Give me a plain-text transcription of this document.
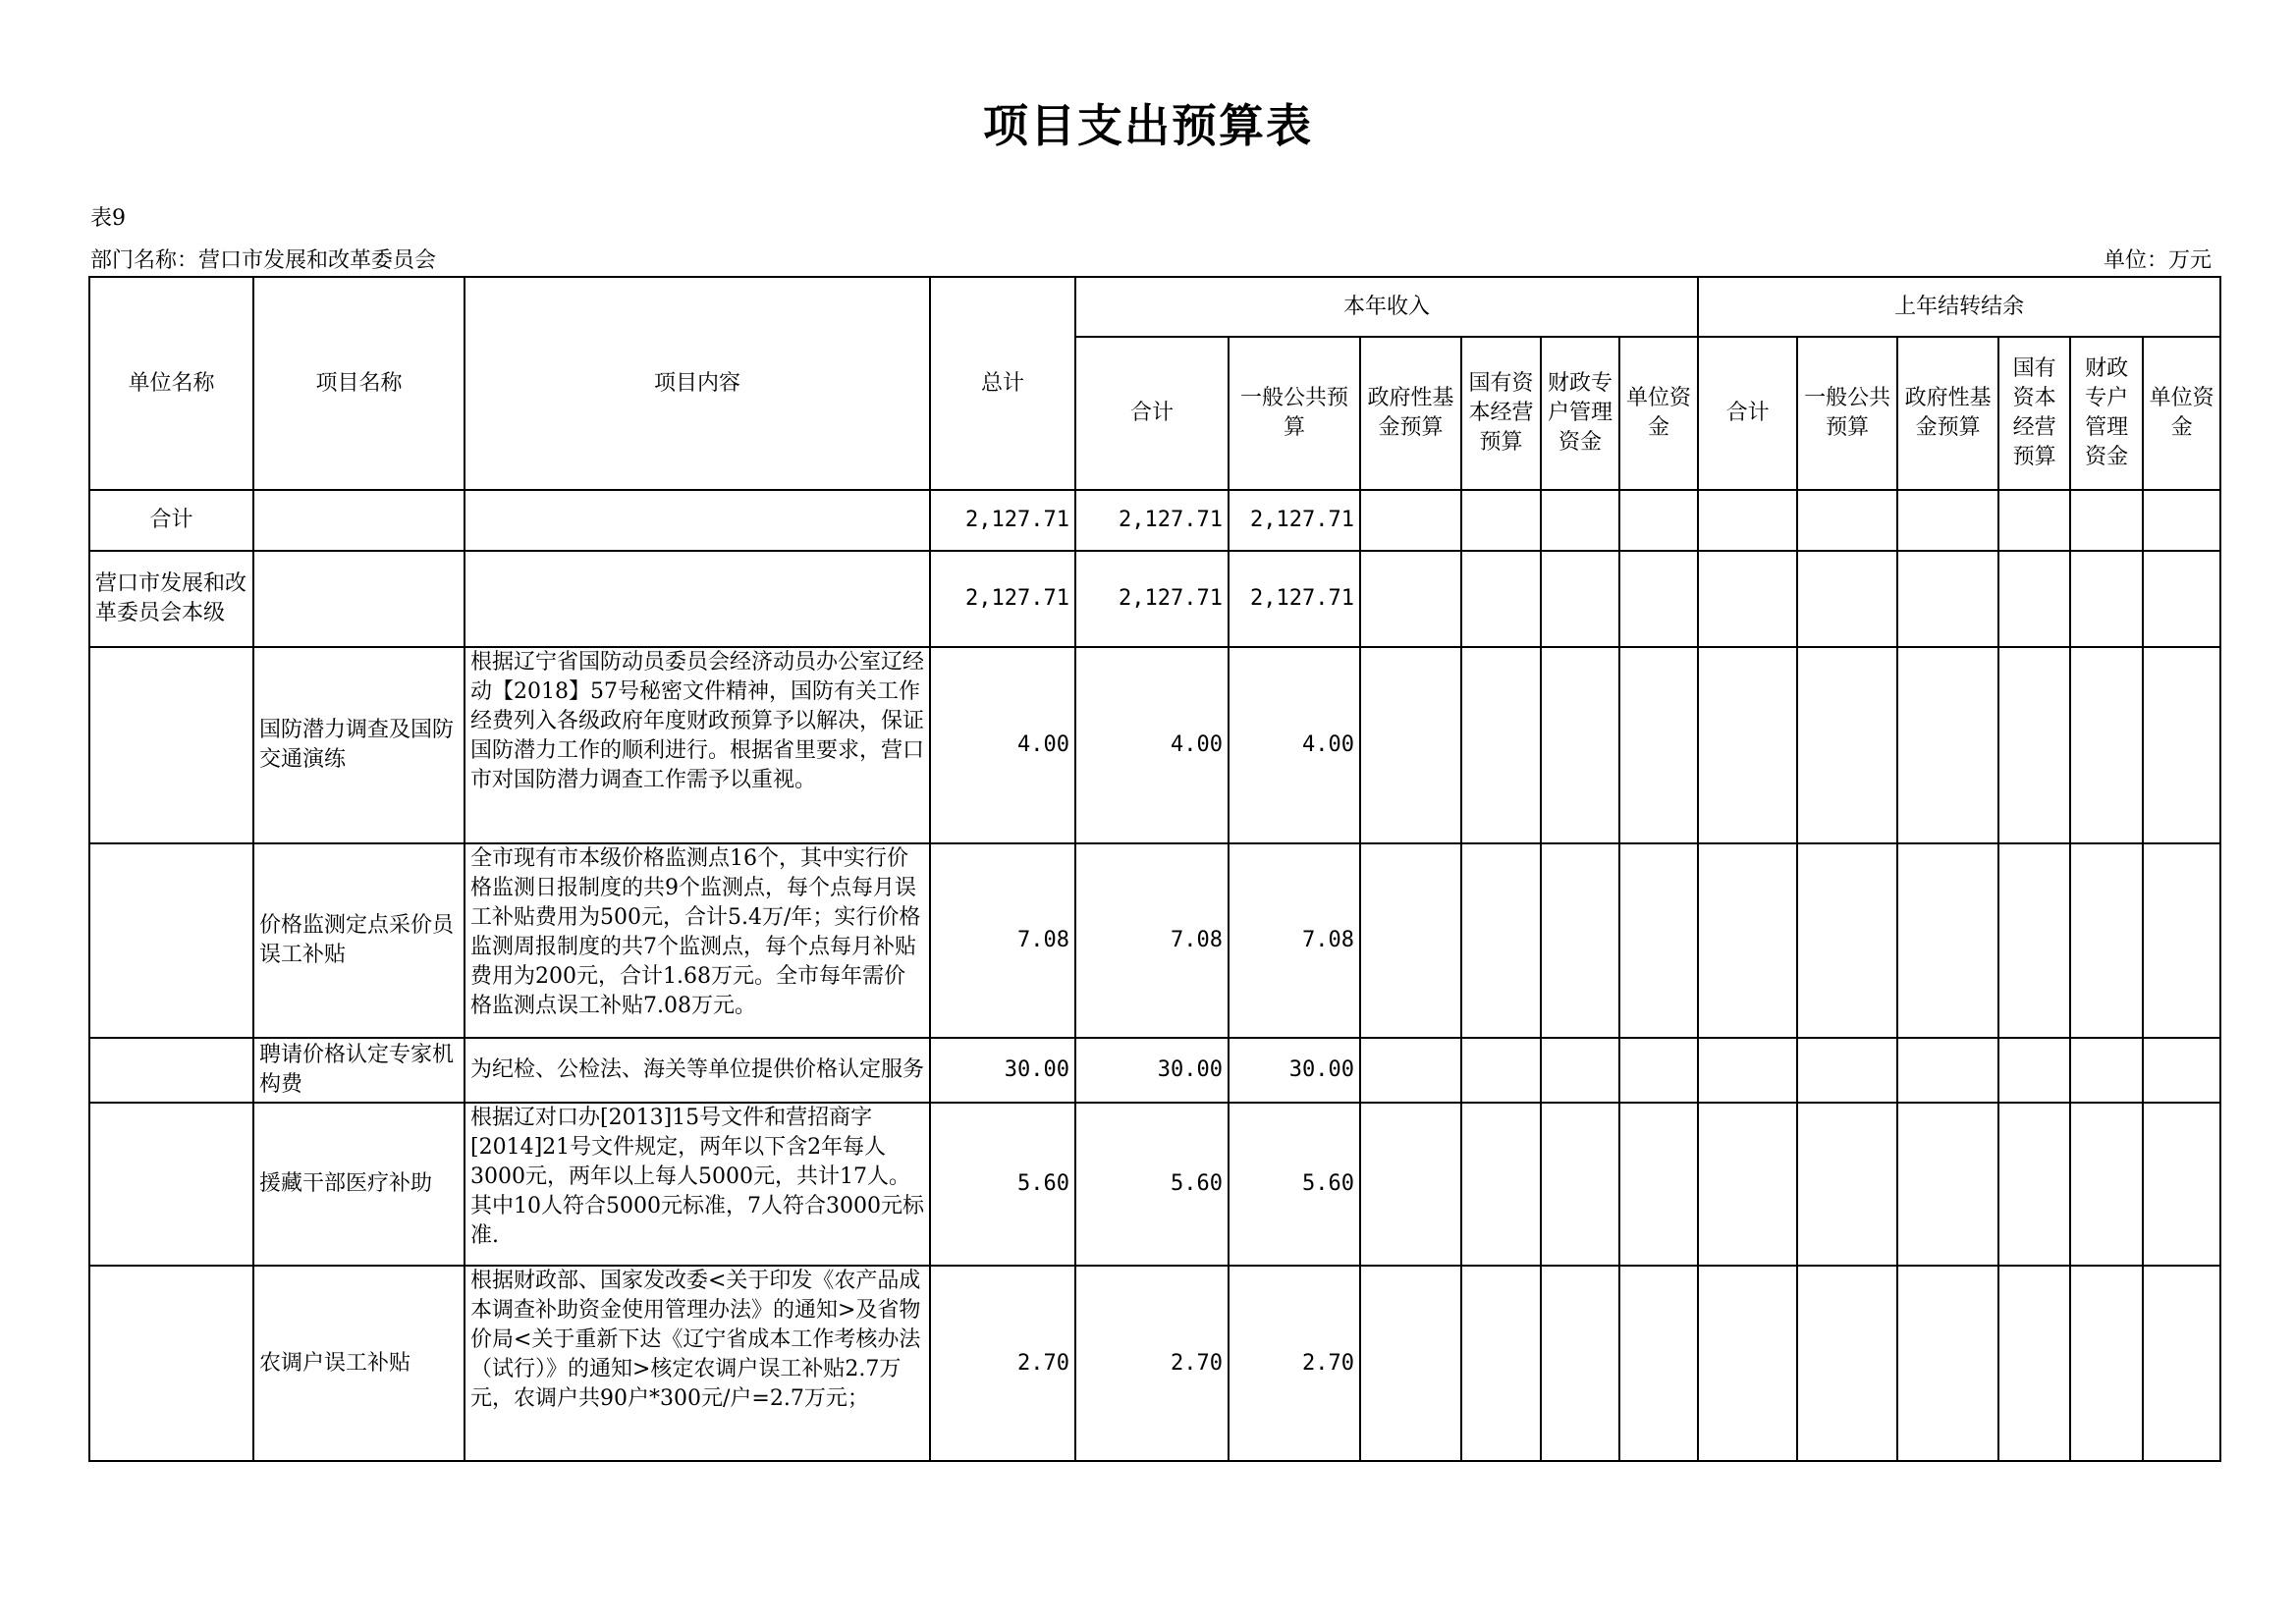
项目支出预算表
表9
部门名称：营口市发展和改革委员会	单位：万元
单位名称	项目名称	项目内容	总计	本年收入						上年结转结余					
				合计	一般公共预算	政府性基金预算	国有资本经营预算	财政专户管理资金	单位资金	合计	一般公共预算	政府性基金预算	国有资本经营预算	财政专户管理资金	单位资金
合计			2,127.71	2,127.71	2,127.71										
营口市发展和改革委员会本级			2,127.71	2,127.71	2,127.71										
	国防潜力调查及国防交通演练	根据辽宁省国防动员委员会经济动员办公室辽经动【2018】57号秘密文件精神，国防有关工作经费列入各级政府年度财政预算予以解决，保证国防潜力工作的顺利进行。根据省里要求，营口市对国防潜力调查工作需予以重视。	4.00	4.00	4.00										
	价格监测定点采价员误工补贴	全市现有市本级价格监测点16个，其中实行价格监测日报制度的共9个监测点，每个点每月误工补贴费用为500元，合计5.4万/年；实行价格监测周报制度的共7个监测点，每个点每月补贴费用为200元，合计1.68万元。全市每年需价格监测点误工补贴7.08万元。	7.08	7.08	7.08										
	聘请价格认定专家机构费	为纪检、公检法、海关等单位提供价格认定服务	30.00	30.00	30.00										
	援藏干部医疗补助	根据辽对口办[2013]15号文件和营招商字[2014]21号文件规定，两年以下含2年每人3000元，两年以上每人5000元，共计17人。其中10人符合5000元标准，7人符合3000元标准.	5.60	5.60	5.60										
	农调户误工补贴	根据财政部、国家发改委<关于印发《农产品成本调查补助资金使用管理办法》的通知>及省物价局<关于重新下达《辽宁省成本工作考核办法（试行）》的通知>核定农调户误工补贴2.7万元，农调户共90户*300元/户=2.7万元；	2.70	2.70	2.70										
